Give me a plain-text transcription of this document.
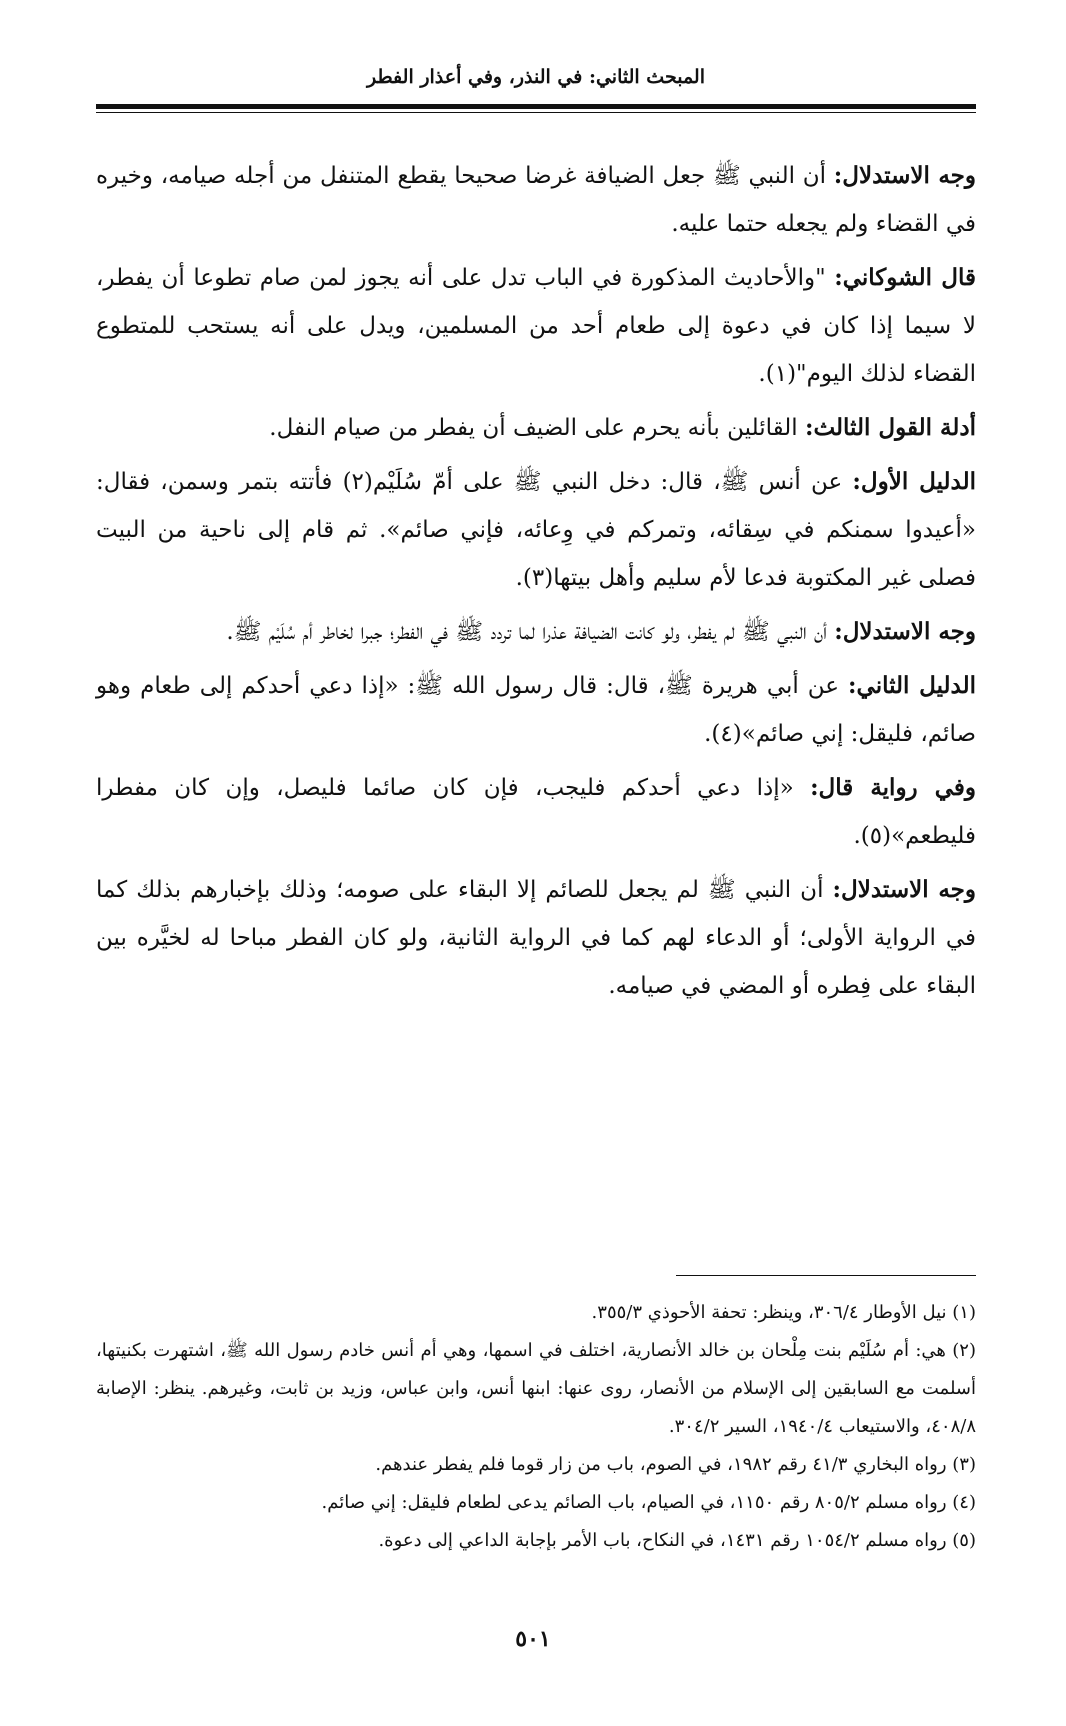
المبحث الثاني: في النذر، وفي أعذار الفطر

وجه الاستدلال: أن النبي ﷺ جعل الضيافة غرضا صحيحا يقطع المتنفل من أجله صيامه، وخيره في القضاء ولم يجعله حتما عليه.

قال الشوكاني: "والأحاديث المذكورة في الباب تدل على أنه يجوز لمن صام تطوعا أن يفطر، لا سيما إذا كان في دعوة إلى طعام أحد من المسلمين، ويدل على أنه يستحب للمتطوع القضاء لذلك اليوم"(١).

أدلة القول الثالث: القائلين بأنه يحرم على الضيف أن يفطر من صيام النفل.

الدليل الأول: عن أنس ﷺ، قال: دخل النبي ﷺ على أمّ سُلَيْم(٢) فأتته بتمر وسمن، فقال: «أعيدوا سمنكم في سِقائه، وتمركم في وِعائه، فإني صائم». ثم قام إلى ناحية من البيت فصلى غير المكتوبة فدعا لأم سليم وأهل بيتها(٣).

وجه الاستدلال: أن النبي ﷺ لم يفطر، ولو كانت الضيافة عذرا لما تردد ﷺ في الفطر؛ جبرا لخاطر أم سُلَيْم ﷺ.

الدليل الثاني: عن أبي هريرة ﷺ، قال: قال رسول الله ﷺ: «إذا دعي أحدكم إلى طعام وهو صائم، فليقل: إني صائم»(٤).

وفي رواية قال: «إذا دعي أحدكم فليجب، فإن كان صائما فليصل، وإن كان مفطرا فليطعم»(٥).

وجه الاستدلال: أن النبي ﷺ لم يجعل للصائم إلا البقاء على صومه؛ وذلك بإخبارهم بذلك كما في الرواية الأولى؛ أو الدعاء لهم كما في الرواية الثانية، ولو كان الفطر مباحا له لخيَّره بين البقاء على فِطره أو المضي في صيامه.

(١) نيل الأوطار ٣٠٦/٤، وينظر: تحفة الأحوذي ٣٥٥/٣.

(٢) هي: أم سُلَيْم بنت مِلْحان بن خالد الأنصارية، اختلف في اسمها، وهي أم أنس خادم رسول الله ﷺ، اشتهرت بكنيتها، أسلمت مع السابقين إلى الإسلام من الأنصار، روى عنها: ابنها أنس، وابن عباس، وزيد بن ثابت، وغيرهم. ينظر: الإصابة ٤٠٨/٨، والاستيعاب ١٩٤٠/٤، السير ٣٠٤/٢.

(٣) رواه البخاري ٤١/٣ رقم ١٩٨٢، في الصوم، باب من زار قوما فلم يفطر عندهم.

(٤) رواه مسلم ٨٠٥/٢ رقم ١١٥٠، في الصيام، باب الصائم يدعى لطعام فليقل: إني صائم.

(٥) رواه مسلم ١٠٥٤/٢ رقم ١٤٣١، في النكاح، باب الأمر بإجابة الداعي إلى دعوة.

٥٠١
